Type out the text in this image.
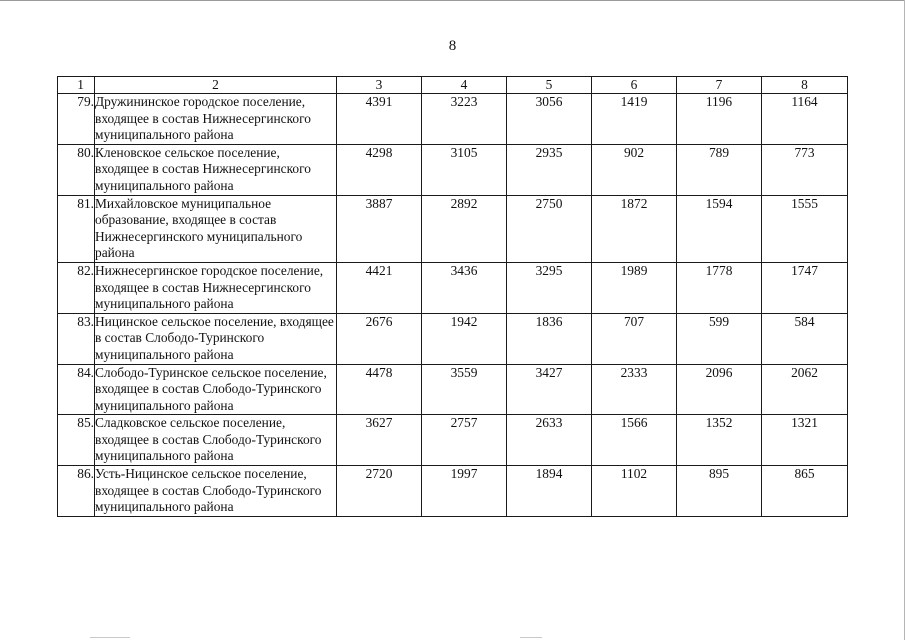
8
1	2	3	4	5	6	7	8
79.	Дружининское городское поселение, входящее в состав Нижнесергинского муниципального района	4391	3223	3056	1419	1196	1164
80.	Кленовское сельское поселение, входящее в состав Нижнесергинского муниципального района	4298	3105	2935	902	789	773
81.	Михайловское муниципальное образование, входящее в состав Нижнесергинского муниципального района	3887	2892	2750	1872	1594	1555
82.	Нижнесергинское городское поселение, входящее в состав Нижнесергинского муниципального района	4421	3436	3295	1989	1778	1747
83.	Ницинское сельское поселение, входящее в состав Слободо-Туринского муниципального района	2676	1942	1836	707	599	584
84.	Слободо-Туринское сельское поселение, входящее в состав Слободо-Туринского муниципального района	4478	3559	3427	2333	2096	2062
85.	Сладковское сельское поселение, входящее в состав Слободо-Туринского муниципального района	3627	2757	2633	1566	1352	1321
86.	Усть-Ницинское сельское поселение, входящее в состав Слободо-Туринского муниципального района	2720	1997	1894	1102	895	865
